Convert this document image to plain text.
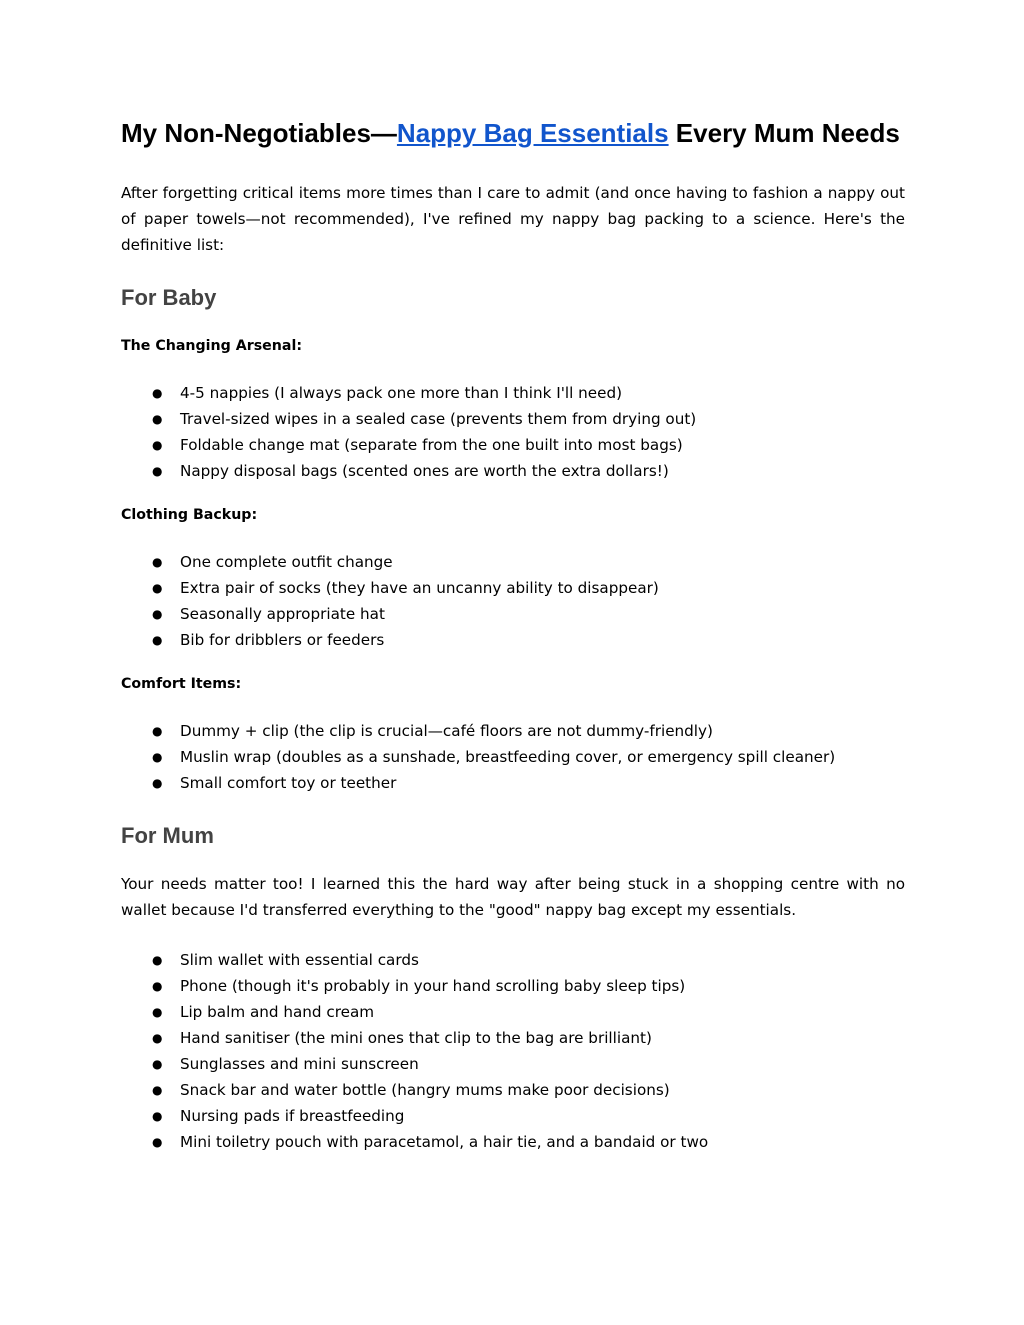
My Non-Negotiables—Nappy Bag Essentials Every Mum Needs

After forgetting critical items more times than I care to admit (and once having to fashion a nappy out of paper towels—not recommended), I've refined my nappy bag packing to a science. Here's the definitive list:

For Baby
The Changing Arsenal:
● 4-5 nappies (I always pack one more than I think I'll need)
● Travel-sized wipes in a sealed case (prevents them from drying out)
● Foldable change mat (separate from the one built into most bags)
● Nappy disposal bags (scented ones are worth the extra dollars!)
Clothing Backup:
● One complete outfit change
● Extra pair of socks (they have an uncanny ability to disappear)
● Seasonally appropriate hat
● Bib for dribblers or feeders
Comfort Items:
● Dummy + clip (the clip is crucial—café floors are not dummy-friendly)
● Muslin wrap (doubles as a sunshade, breastfeeding cover, or emergency spill cleaner)
● Small comfort toy or teether
For Mum

Your needs matter too! I learned this the hard way after being stuck in a shopping centre with no wallet because I'd transferred everything to the "good" nappy bag except my essentials.

● Slim wallet with essential cards
● Phone (though it's probably in your hand scrolling baby sleep tips)
● Lip balm and hand cream
● Hand sanitiser (the mini ones that clip to the bag are brilliant)
● Sunglasses and mini sunscreen
● Snack bar and water bottle (hangry mums make poor decisions)
● Nursing pads if breastfeeding
● Mini toiletry pouch with paracetamol, a hair tie, and a bandaid or two
